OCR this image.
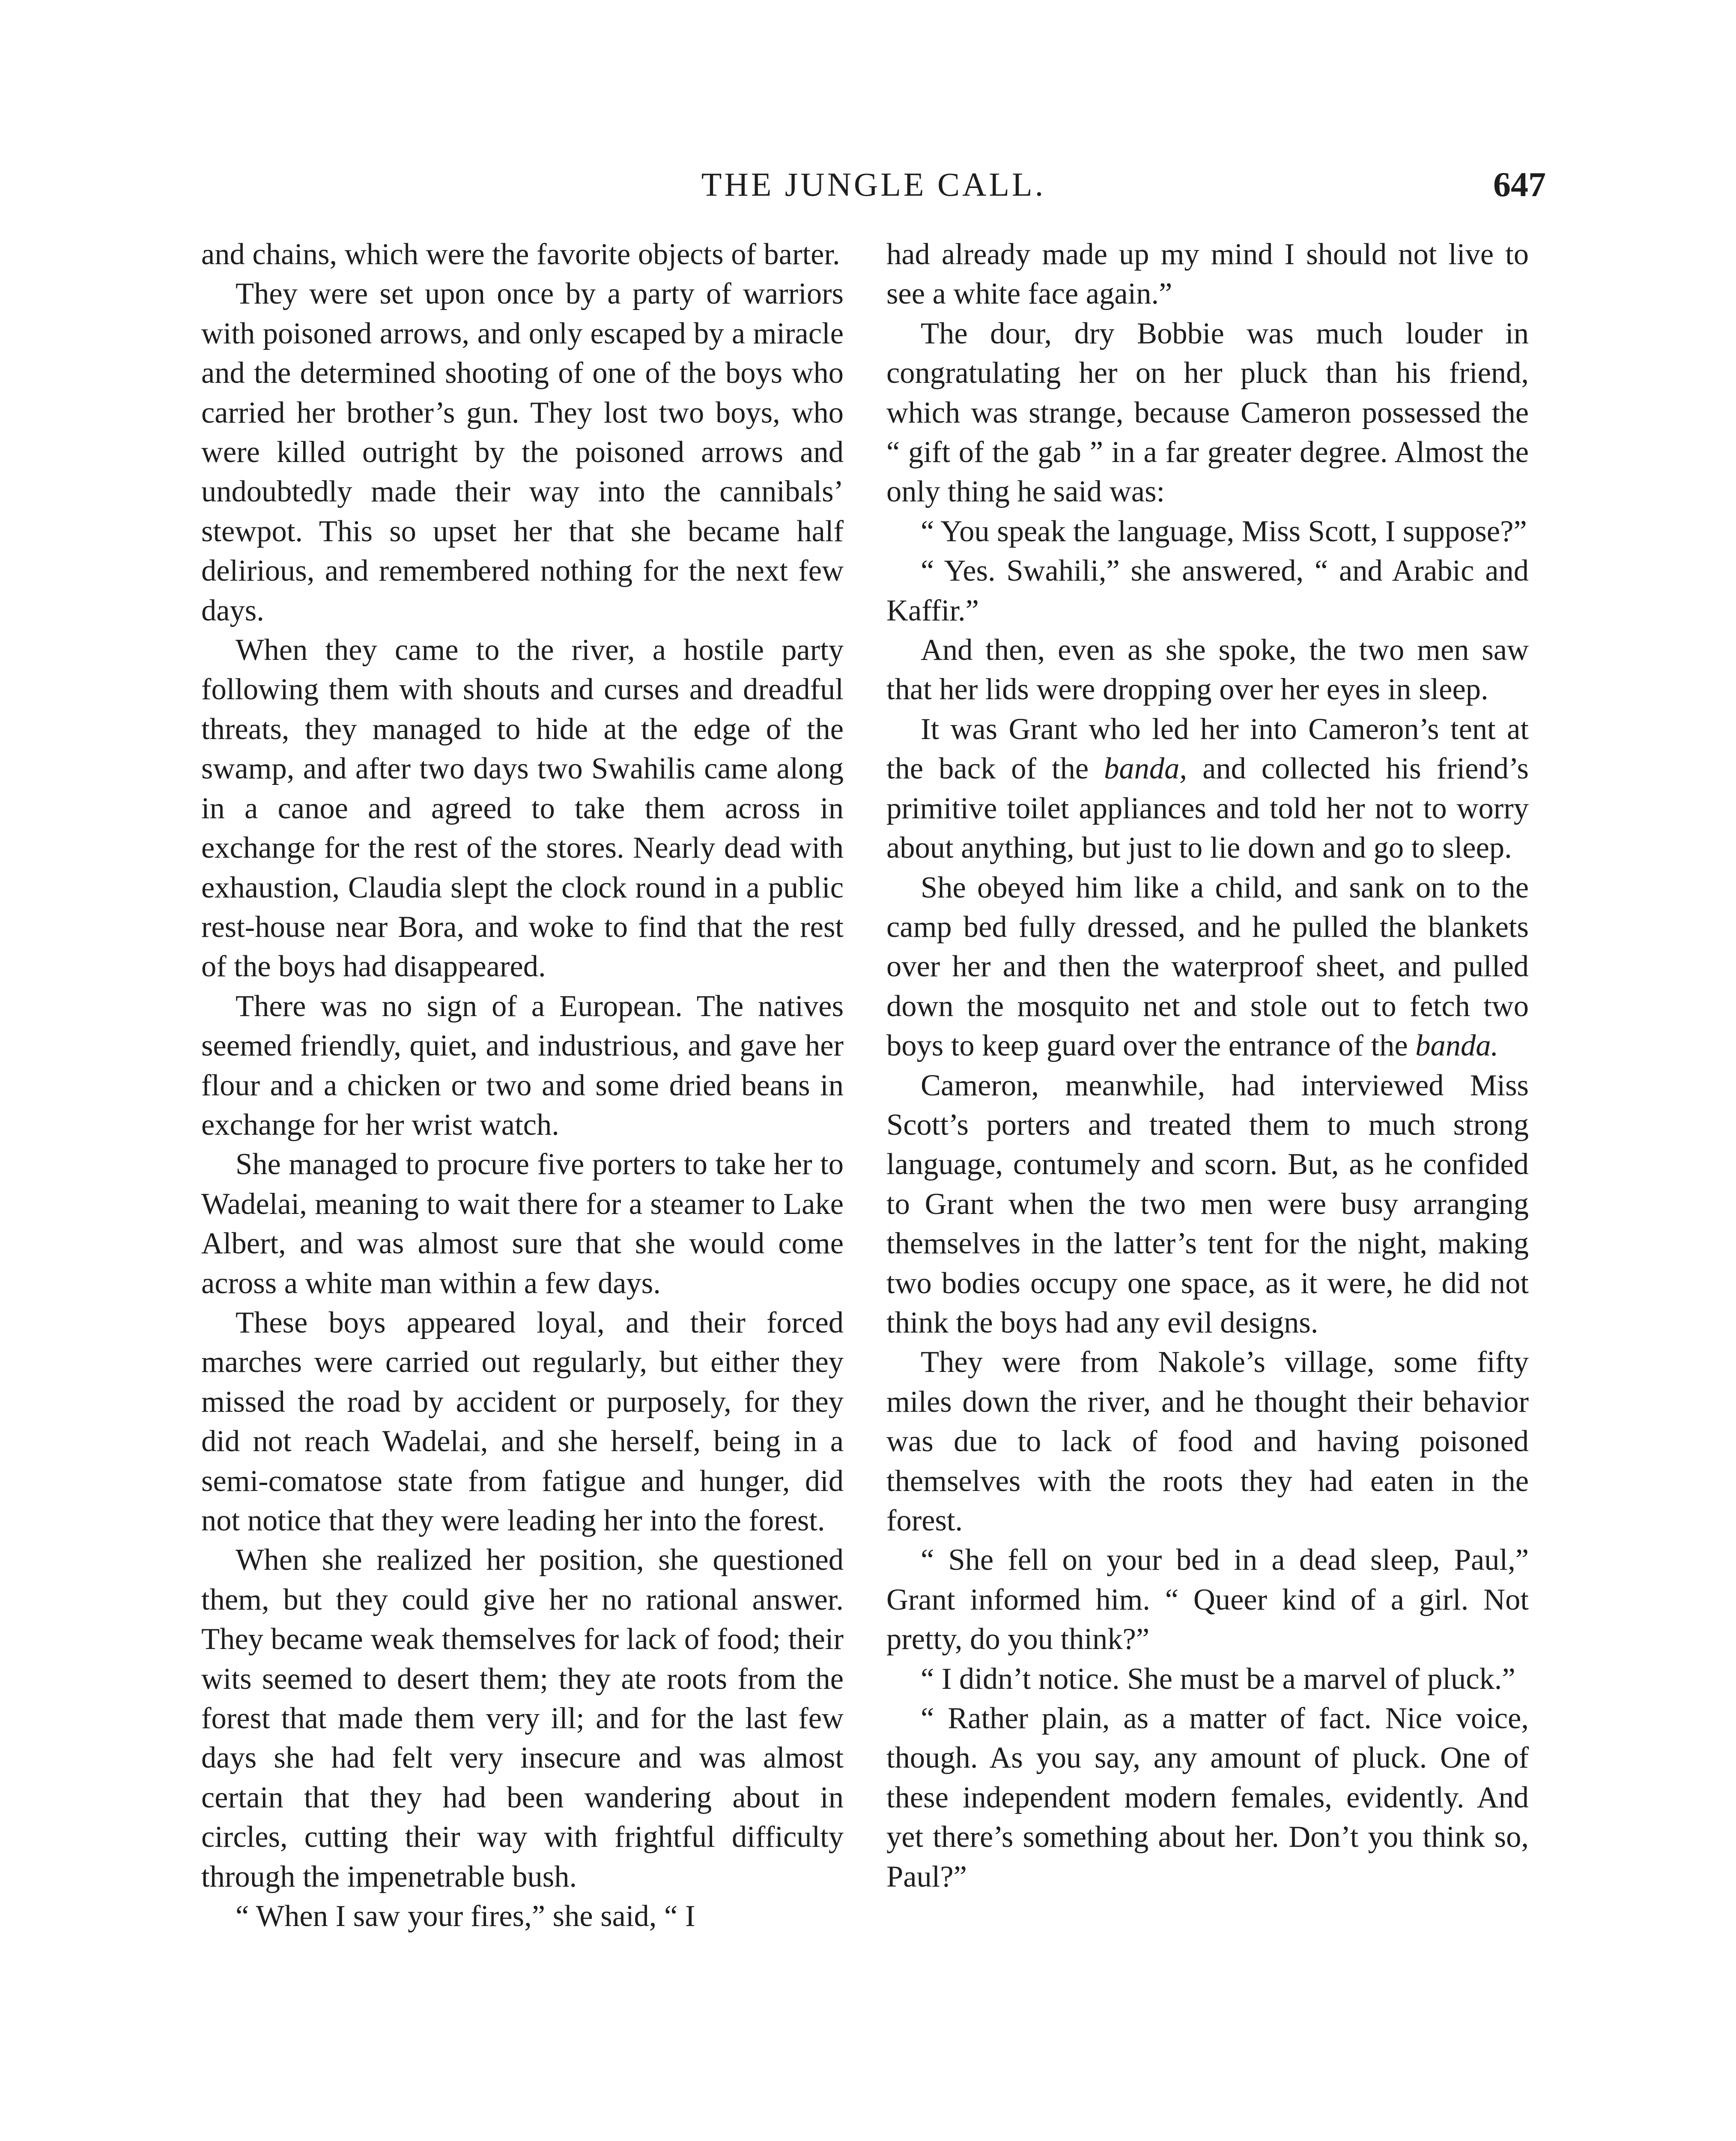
THE JUNGLE CALL.	647

and chains, which were the favorite objects of barter.

They were set upon once by a party of warriors with poisoned arrows, and only escaped by a miracle and the determined shooting of one of the boys who carried her brother’s gun. They lost two boys, who were killed outright by the poisoned arrows and undoubtedly made their way into the cannibals’ stewpot. This so upset her that she became half delirious, and remembered nothing for the next few days.

When they came to the river, a hostile party following them with shouts and curses and dreadful threats, they managed to hide at the edge of the swamp, and after two days two Swahilis came along in a canoe and agreed to take them across in exchange for the rest of the stores. Nearly dead with exhaustion, Claudia slept the clock round in a public rest-house near Bora, and woke to find that the rest of the boys had disappeared.

There was no sign of a European. The natives seemed friendly, quiet, and industrious, and gave her flour and a chicken or two and some dried beans in exchange for her wrist watch.

She managed to procure five porters to take her to Wadelai, meaning to wait there for a steamer to Lake Albert, and was almost sure that she would come across a white man within a few days.

These boys appeared loyal, and their forced marches were carried out regularly, but either they missed the road by accident or purposely, for they did not reach Wadelai, and she herself, being in a semi-comatose state from fatigue and hunger, did not notice that they were leading her into the forest.

When she realized her position, she questioned them, but they could give her no rational answer. They became weak themselves for lack of food; their wits seemed to desert them; they ate roots from the forest that made them very ill; and for the last few days she had felt very insecure and was almost certain that they had been wandering about in circles, cutting their way with frightful difficulty through the impenetrable bush.

“ When I saw your fires,” she said, “ I

had already made up my mind I should not live to see a white face again.”

The dour, dry Bobbie was much louder in congratulating her on her pluck than his friend, which was strange, because Cameron possessed the “ gift of the gab ” in a far greater degree. Almost the only thing he said was:

“ You speak the language, Miss Scott, I suppose?”

“ Yes. Swahili,” she answered, “ and Arabic and Kaffir.”

And then, even as she spoke, the two men saw that her lids were dropping over her eyes in sleep.

It was Grant who led her into Cameron’s tent at the back of the banda, and collected his friend’s primitive toilet appliances and told her not to worry about anything, but just to lie down and go to sleep.

She obeyed him like a child, and sank on to the camp bed fully dressed, and he pulled the blankets over her and then the waterproof sheet, and pulled down the mosquito net and stole out to fetch two boys to keep guard over the entrance of the banda.

Cameron, meanwhile, had interviewed Miss Scott’s porters and treated them to much strong language, contumely and scorn. But, as he confided to Grant when the two men were busy arranging themselves in the latter’s tent for the night, making two bodies occupy one space, as it were, he did not think the boys had any evil designs.

They were from Nakole’s village, some fifty miles down the river, and he thought their behavior was due to lack of food and having poisoned themselves with the roots they had eaten in the forest.

“ She fell on your bed in a dead sleep, Paul,” Grant informed him. “ Queer kind of a girl. Not pretty, do you think?”

“ I didn’t notice. She must be a marvel of pluck.”

“ Rather plain, as a matter of fact. Nice voice, though. As you say, any amount of pluck. One of these independent modern females, evidently. And yet there’s something about her. Don’t you think so, Paul?”
